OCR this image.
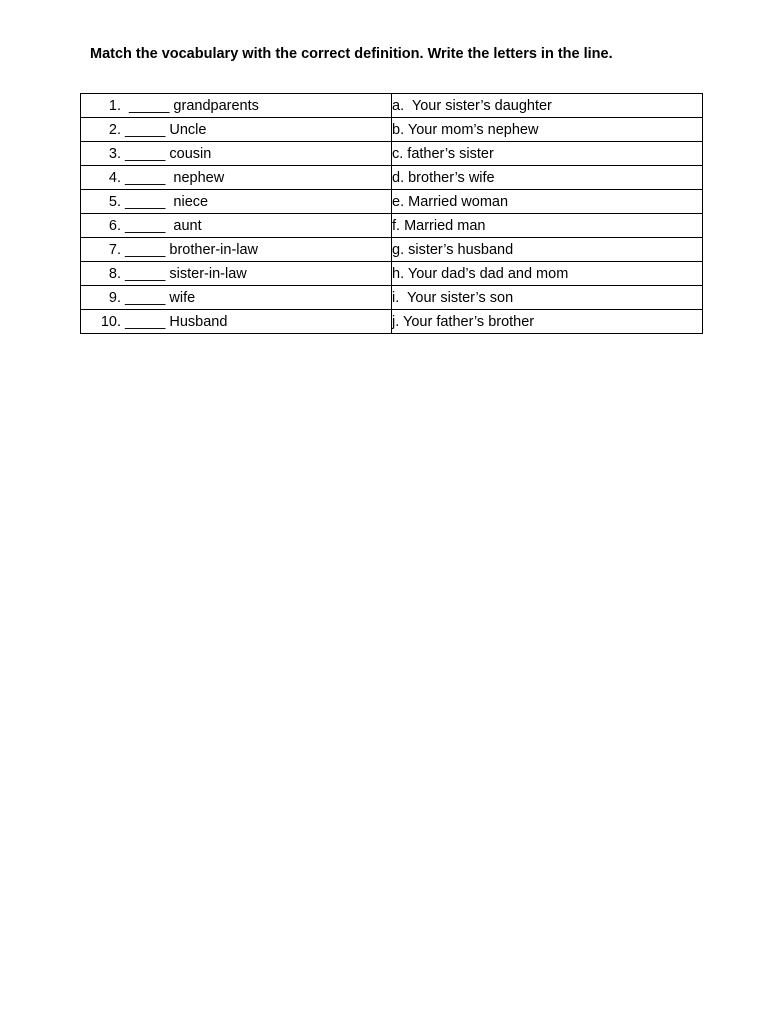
Match the vocabulary with the correct definition. Write the letters in the line.
1.  _____ grandparents	a.  Your sister’s daughter
2. _____ Uncle	b. Your mom’s nephew
3. _____ cousin	c. father’s sister
4. _____  nephew	d. brother’s wife
5. _____  niece	e. Married woman
6. _____  aunt	f. Married man
7. _____ brother-in-law	g. sister’s husband
8. _____ sister-in-law	h. Your dad’s dad and mom
9. _____ wife	i.  Your sister’s son
10. _____ Husband	j. Your father’s brother
